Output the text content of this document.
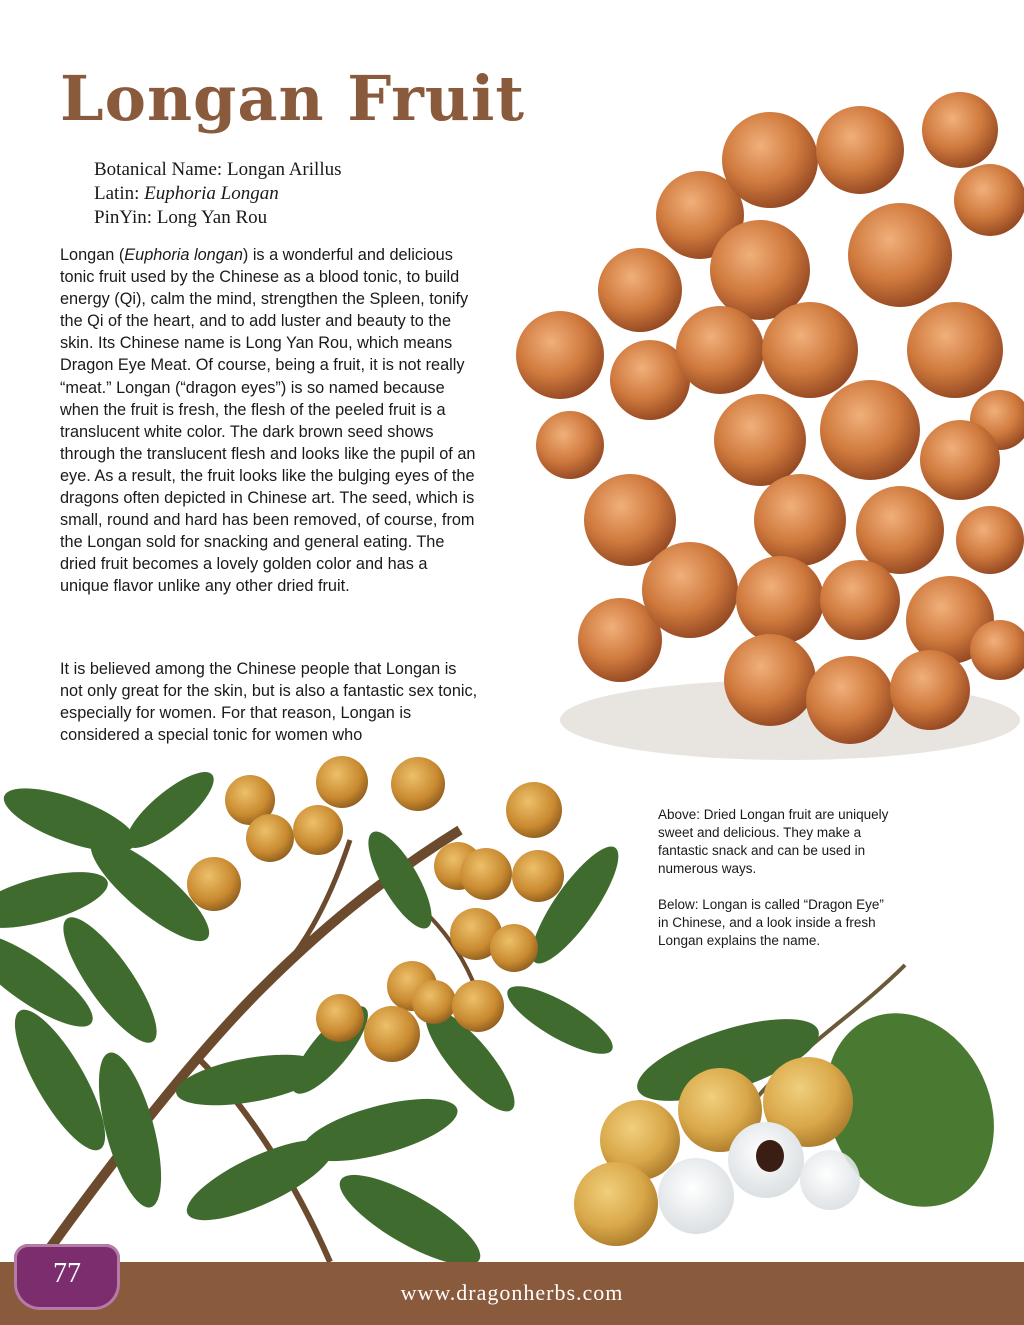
Longan Fruit
Botanical Name: Longan Arillus
Latin: Euphoria Longan
PinYin: Long Yan Rou

Longan (Euphoria longan) is a wonderful and delicious tonic fruit used by the Chinese as a blood tonic, to build energy (Qi), calm the mind, strengthen the Spleen, tonify the Qi of the heart, and to add luster and beauty to the skin. Its Chinese name is Long Yan Rou, which means Dragon Eye Meat. Of course, being a fruit, it is not really “meat.” Longan (“dragon eyes”) is so named because when the fruit is fresh, the flesh of the peeled fruit is a translucent white color. The dark brown seed shows through the translucent flesh and looks like the pupil of an eye. As a result, the fruit looks like the bulging eyes of the dragons often depicted in Chinese art. The seed, which is small, round and hard has been removed, of course, from the Longan sold for snacking and general eating. The dried fruit becomes a lovely golden color and has a unique flavor unlike any other dried fruit.

It is believed among the Chinese people that Longan is not only great for the skin, but is also a fantastic sex tonic, especially for women. For that reason, Longan is considered a special tonic for women who

Above: Dried Longan fruit are uniquely sweet and delicious. They make a fantastic snack and can be used in numerous ways.

Below: Longan is called “Dragon Eye” in Chinese, and a look inside a fresh Longan explains the name.

www.dragonherbs.com
77
